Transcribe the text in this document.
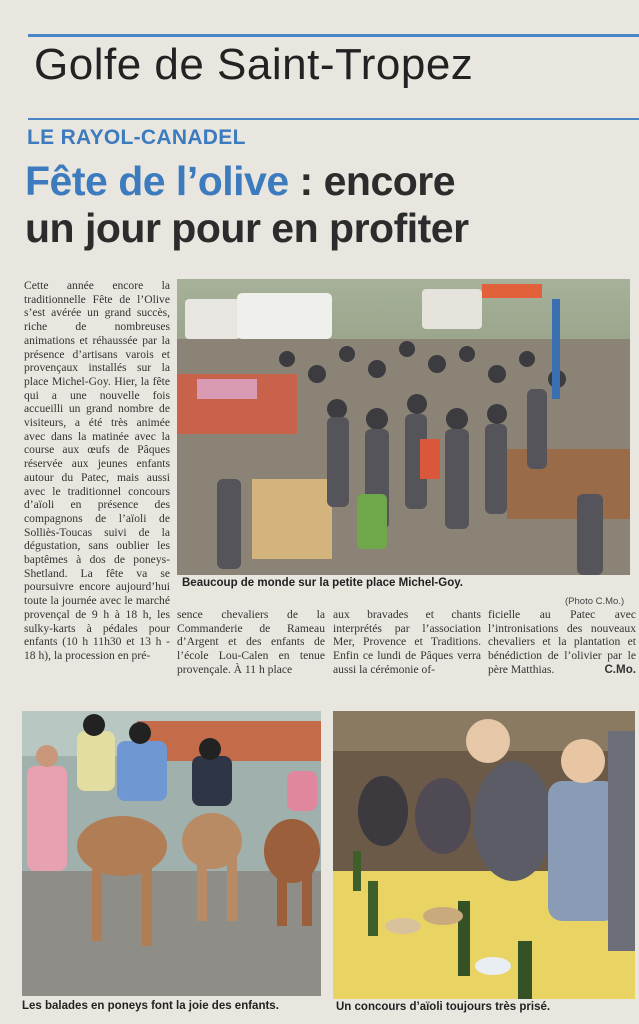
Golfe de Saint-Tropez
LE RAYOL-CANADEL
Fête de l’olive : encore
un jour pour en profiter
Cette année encore la traditionnelle Fête de l’Olive s’est avérée un grand succès, riche de nombreuses animations et réhaussée par la présence d’artisans varois et provençaux installés sur la place Michel-Goy. Hier, la fête qui a une nouvelle fois accueilli un grand nombre de visiteurs, a été très animée avec dans la matinée avec la course aux œufs de Pâques réservée aux jeunes enfants autour du Patec, mais aussi avec le traditionnel concours d’aïoli en présence des compagnons de l’aïoli de Solliès-Toucas suivi de la dégustation, sans oublier les baptêmes à dos de poneys-Shetland. La fête va se poursuivre encore aujourd’hui toute la journée avec le marché provençal de 9 h à 18 h, les sulky-karts à pédales pour enfants (10 h 11h30 et 13 h - 18 h), la procession en pré-
Beaucoup de monde sur la petite place Michel-Goy.
(Photo C.Mo.)
sence chevaliers de la Commanderie de Rameau d’Argent et des enfants de l’école Lou-Calen en tenue provençale. À 11 h place
aux bravades et chants interprétés par l’association Mer, Provence et Traditions. Enfin ce lundi de Pâques verra aussi la cérémonie of-
ficielle au Patec avec l’intronisations des nouveaux chevaliers et la plantation et bénédiction de l’olivier par le père Matthias.	C.Mo.
Les balades en poneys font la joie des enfants.	Un concours d’aïoli toujours très prisé.
